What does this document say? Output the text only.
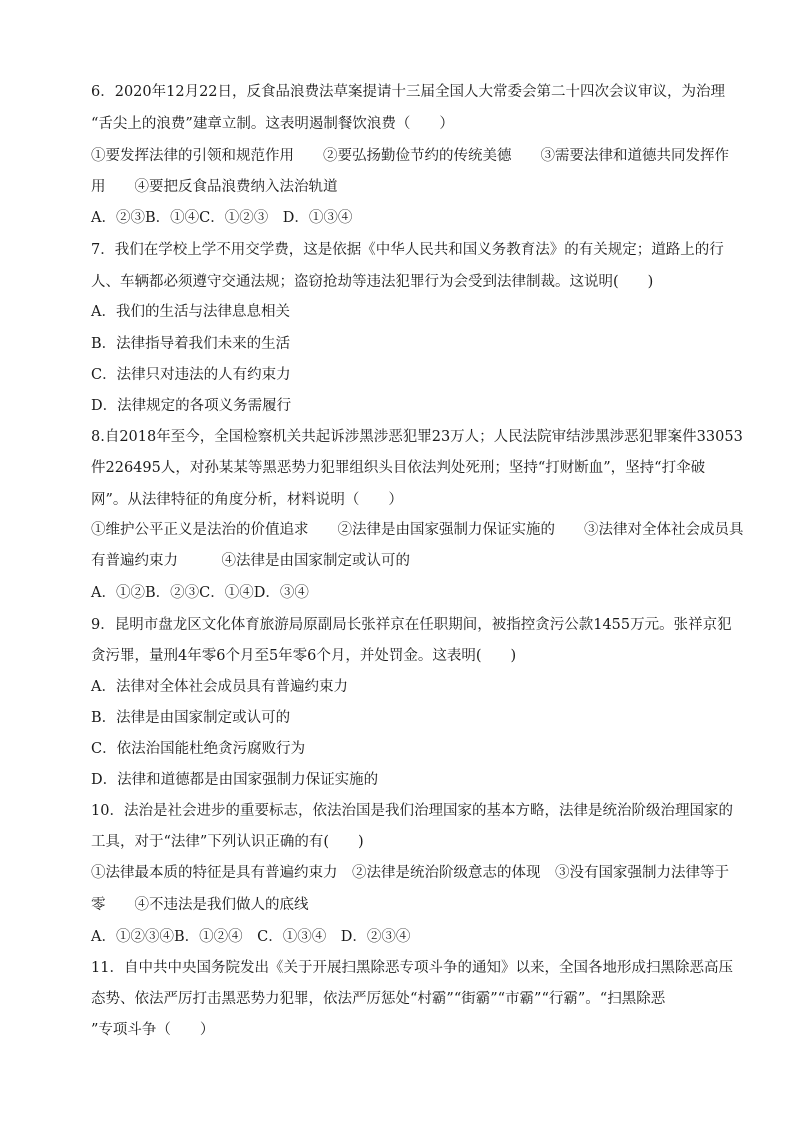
6．2020年12月22日，反食品浪费法草案提请十三届全国人大常委会第二十四次会议审议，为治理
“舌尖上的浪费”建章立制。这表明遏制餐饮浪费（　　）
①要发挥法律的引领和规范作用　　②要弘扬勤俭节约的传统美德　　③需要法律和道德共同发挥作
用　　④要把反食品浪费纳入法治轨道
A．②③B．①④C．①②③　D．①③④
7．我们在学校上学不用交学费，这是依据《中华人民共和国义务教育法》的有关规定；道路上的行
人、车辆都必须遵守交通法规；盗窃抢劫等违法犯罪行为会受到法律制裁。这说明(　　)
A．我们的生活与法律息息相关
B．法律指导着我们未来的生活
C．法律只对违法的人有约束力
D．法律规定的各项义务需履行
8.自2018年至今，全国检察机关共起诉涉黑涉恶犯罪23万人；人民法院审结涉黑涉恶犯罪案件33053
件226495人，对孙某某等黑恶势力犯罪组织头目依法判处死刑；坚持“打财断血”，坚持“打伞破
网”。从法律特征的角度分析，材料说明（　　）
①维护公平正义是法治的价值追求　　②法律是由国家强制力保证实施的　　③法律对全体社会成员具
有普遍约束力　　　④法律是由国家制定或认可的
A．①②B．②③C．①④D．③④
9．昆明市盘龙区文化体育旅游局原副局长张祥京在任职期间，被指控贪污公款1455万元。张祥京犯
贪污罪，量刑4年零6个月至5年零6个月，并处罚金。这表明(　　)
A．法律对全体社会成员具有普遍约束力
B．法律是由国家制定或认可的
C．依法治国能杜绝贪污腐败行为
D．法律和道德都是由国家强制力保证实施的
10．法治是社会进步的重要标志，依法治国是我们治理国家的基本方略，法律是统治阶级治理国家的
工具，对于“法律”下列认识正确的有(　　)
①法律最本质的特征是具有普遍约束力　②法律是统治阶级意志的体现　③没有国家强制力法律等于
零　　④不违法是我们做人的底线
A．①②③④B．①②④　C．①③④　D．②③④
11．自中共中央国务院发出《关于开展扫黑除恶专项斗争的通知》以来，全国各地形成扫黑除恶高压
态势、依法严厉打击黑恶势力犯罪，依法严厉惩处“村霸”“街霸”“市霸”“行霸”。“扫黑除恶
”专项斗争（　　）
